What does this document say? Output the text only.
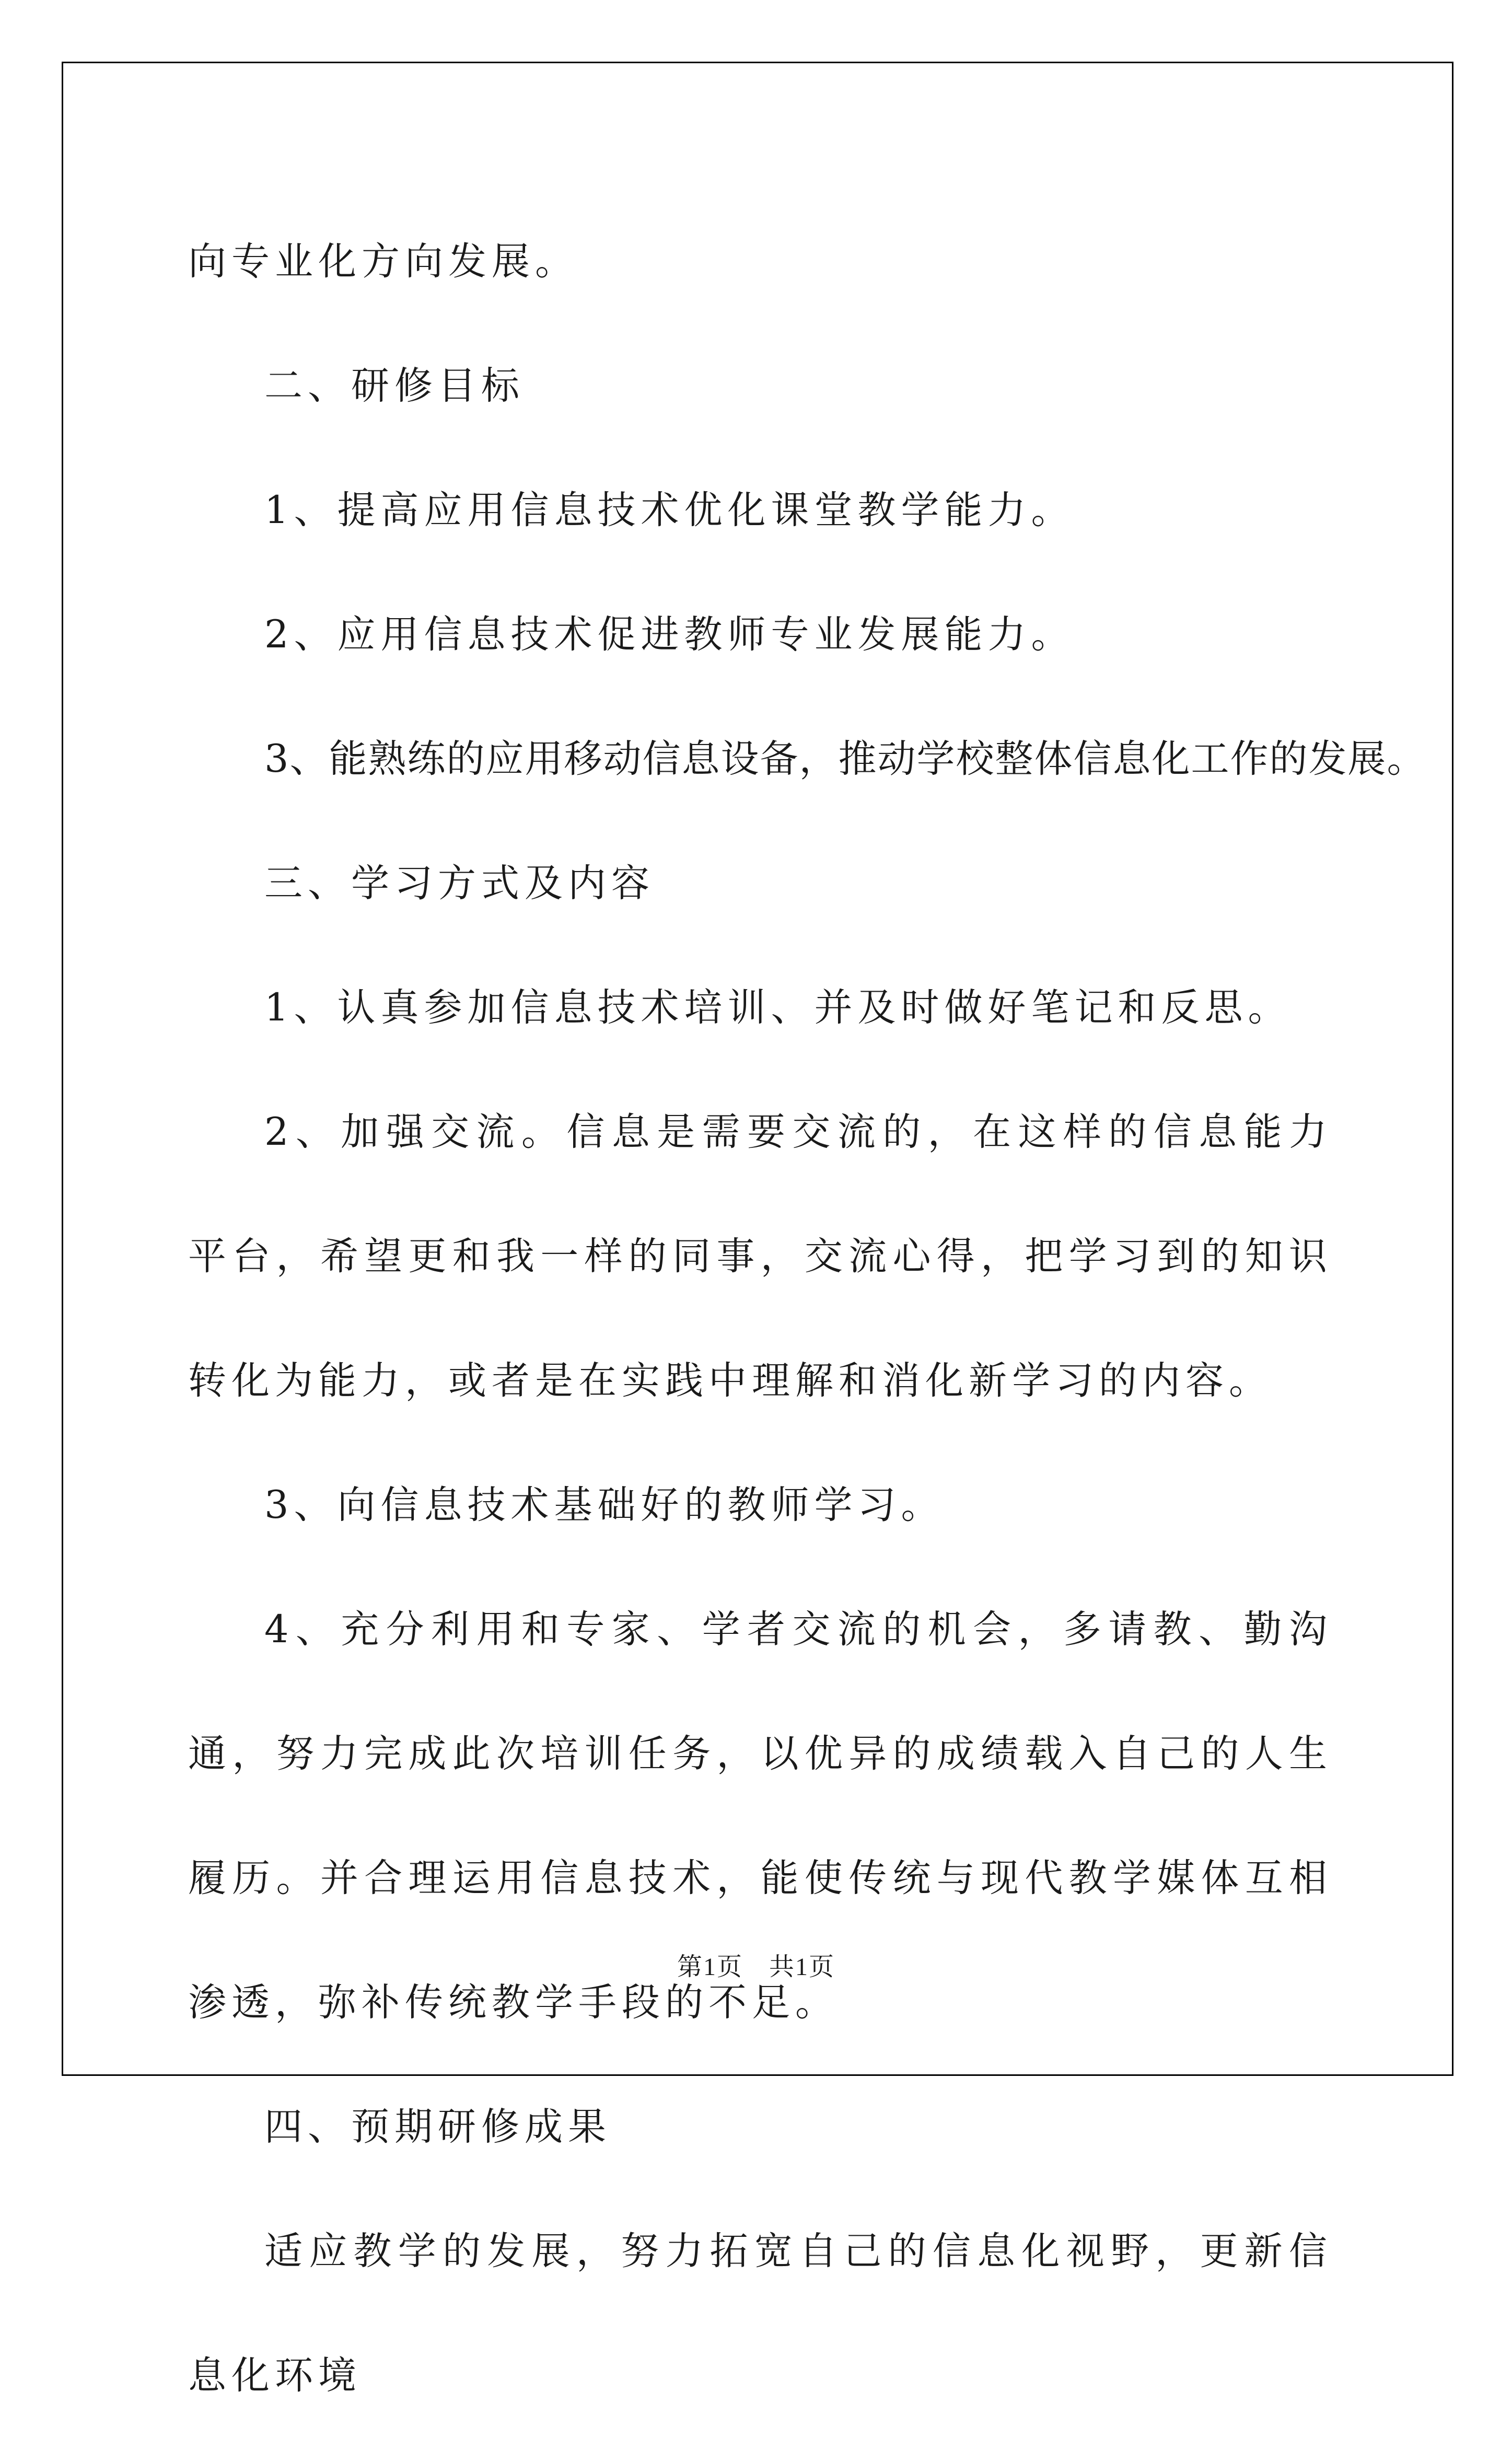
向专业化方向发展。

二、研修目标

1、提高应用信息技术优化课堂教学能力。

2、应用信息技术促进教师专业发展能力。

3、能熟练的应用移动信息设备，推动学校整体信息化工作的发展。

三、学习方式及内容

1、认真参加信息技术培训、并及时做好笔记和反思。

2、加强交流。信息是需要交流的，在这样的信息能力平台，希望更和我一样的同事，交流心得，把学习到的知识转化为能力，或者是在实践中理解和消化新学习的内容。

3、向信息技术基础好的教师学习。

4、充分利用和专家、学者交流的机会，多请教、勤沟通，努力完成此次培训任务，以优异的成绩载入自己的人生履历。并合理运用信息技术，能使传统与现代教学媒体互相渗透，弥补传统教学手段的不足。

四、预期研修成果

适应教学的发展，努力拓宽自己的信息化视野，更新信息化环境

第1页　共1页
